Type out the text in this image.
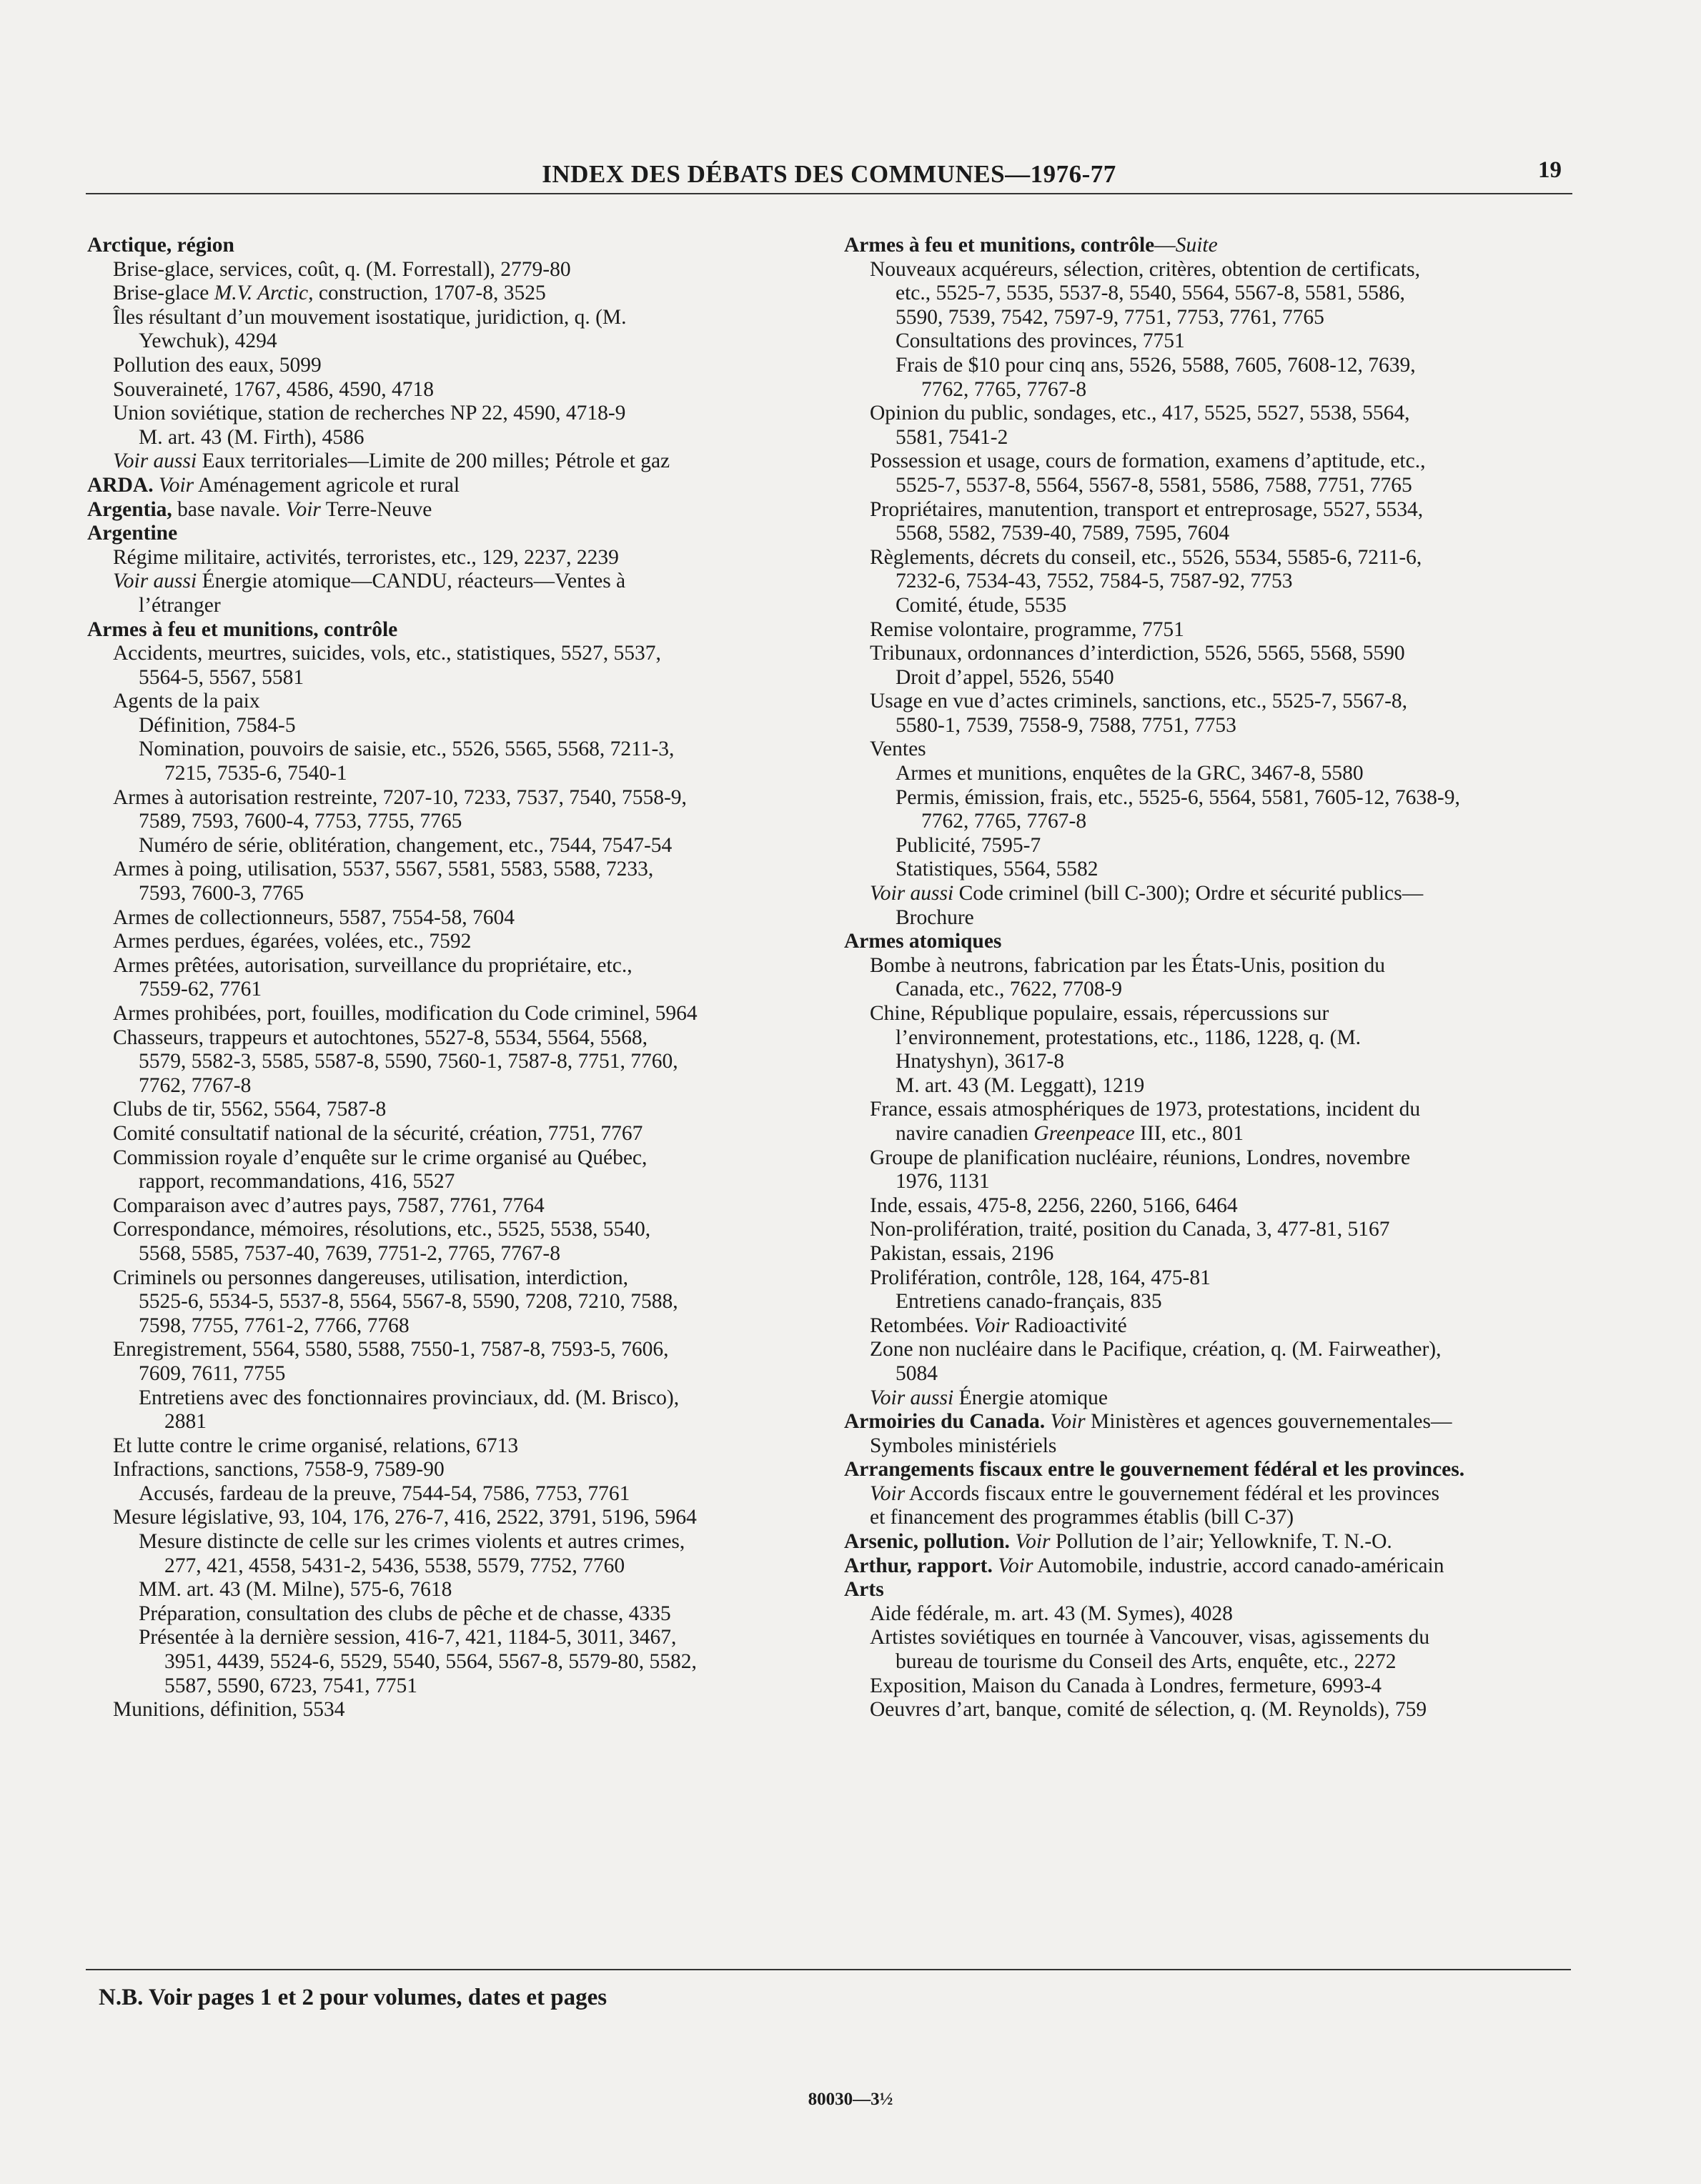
INDEX DES DÉBATS DES COMMUNES—1976-77	19

Arctique, région

Brise-glace, services, coût, q. (M. Forrestall), 2779-80

Brise-glace M.V. Arctic, construction, 1707-8, 3525

Îles résultant d’un mouvement isostatique, juridiction, q. (M.

Yewchuk), 4294

Pollution des eaux, 5099

Souveraineté, 1767, 4586, 4590, 4718

Union soviétique, station de recherches NP 22, 4590, 4718-9

M. art. 43 (M. Firth), 4586

Voir aussi Eaux territoriales—Limite de 200 milles; Pétrole et gaz

ARDA. Voir Aménagement agricole et rural

Argentia, base navale. Voir Terre-Neuve

Argentine

Régime militaire, activités, terroristes, etc., 129, 2237, 2239

Voir aussi Énergie atomique—CANDU, réacteurs—Ventes à

l’étranger

Armes à feu et munitions, contrôle

Accidents, meurtres, suicides, vols, etc., statistiques, 5527, 5537,

5564-5, 5567, 5581

Agents de la paix

Définition, 7584-5

Nomination, pouvoirs de saisie, etc., 5526, 5565, 5568, 7211-3,

7215, 7535-6, 7540-1

Armes à autorisation restreinte, 7207-10, 7233, 7537, 7540, 7558-9,

7589, 7593, 7600-4, 7753, 7755, 7765

Numéro de série, oblitération, changement, etc., 7544, 7547-54

Armes à poing, utilisation, 5537, 5567, 5581, 5583, 5588, 7233,

7593, 7600-3, 7765

Armes de collectionneurs, 5587, 7554-58, 7604

Armes perdues, égarées, volées, etc., 7592

Armes prêtées, autorisation, surveillance du propriétaire, etc.,

7559-62, 7761

Armes prohibées, port, fouilles, modification du Code criminel, 5964

Chasseurs, trappeurs et autochtones, 5527-8, 5534, 5564, 5568,

5579, 5582-3, 5585, 5587-8, 5590, 7560-1, 7587-8, 7751, 7760,

7762, 7767-8

Clubs de tir, 5562, 5564, 7587-8

Comité consultatif national de la sécurité, création, 7751, 7767

Commission royale d’enquête sur le crime organisé au Québec,

rapport, recommandations, 416, 5527

Comparaison avec d’autres pays, 7587, 7761, 7764

Correspondance, mémoires, résolutions, etc., 5525, 5538, 5540,

5568, 5585, 7537-40, 7639, 7751-2, 7765, 7767-8

Criminels ou personnes dangereuses, utilisation, interdiction,

5525-6, 5534-5, 5537-8, 5564, 5567-8, 5590, 7208, 7210, 7588,

7598, 7755, 7761-2, 7766, 7768

Enregistrement, 5564, 5580, 5588, 7550-1, 7587-8, 7593-5, 7606,

7609, 7611, 7755

Entretiens avec des fonctionnaires provinciaux, dd. (M. Brisco),

2881

Et lutte contre le crime organisé, relations, 6713

Infractions, sanctions, 7558-9, 7589-90

Accusés, fardeau de la preuve, 7544-54, 7586, 7753, 7761

Mesure législative, 93, 104, 176, 276-7, 416, 2522, 3791, 5196, 5964

Mesure distincte de celle sur les crimes violents et autres crimes,

277, 421, 4558, 5431-2, 5436, 5538, 5579, 7752, 7760

MM. art. 43 (M. Milne), 575-6, 7618

Préparation, consultation des clubs de pêche et de chasse, 4335

Présentée à la dernière session, 416-7, 421, 1184-5, 3011, 3467,

3951, 4439, 5524-6, 5529, 5540, 5564, 5567-8, 5579-80, 5582,

5587, 5590, 6723, 7541, 7751

Munitions, définition, 5534

Armes à feu et munitions, contrôle—Suite

Nouveaux acquéreurs, sélection, critères, obtention de certificats,

etc., 5525-7, 5535, 5537-8, 5540, 5564, 5567-8, 5581, 5586,

5590, 7539, 7542, 7597-9, 7751, 7753, 7761, 7765

Consultations des provinces, 7751

Frais de $10 pour cinq ans, 5526, 5588, 7605, 7608-12, 7639,

7762, 7765, 7767-8

Opinion du public, sondages, etc., 417, 5525, 5527, 5538, 5564,

5581, 7541-2

Possession et usage, cours de formation, examens d’aptitude, etc.,

5525-7, 5537-8, 5564, 5567-8, 5581, 5586, 7588, 7751, 7765

Propriétaires, manutention, transport et entreprosage, 5527, 5534,

5568, 5582, 7539-40, 7589, 7595, 7604

Règlements, décrets du conseil, etc., 5526, 5534, 5585-6, 7211-6,

7232-6, 7534-43, 7552, 7584-5, 7587-92, 7753

Comité, étude, 5535

Remise volontaire, programme, 7751

Tribunaux, ordonnances d’interdiction, 5526, 5565, 5568, 5590

Droit d’appel, 5526, 5540

Usage en vue d’actes criminels, sanctions, etc., 5525-7, 5567-8,

5580-1, 7539, 7558-9, 7588, 7751, 7753

Ventes

Armes et munitions, enquêtes de la GRC, 3467-8, 5580

Permis, émission, frais, etc., 5525-6, 5564, 5581, 7605-12, 7638-9,

7762, 7765, 7767-8

Publicité, 7595-7

Statistiques, 5564, 5582

Voir aussi Code criminel (bill C-300); Ordre et sécurité publics—

Brochure

Armes atomiques

Bombe à neutrons, fabrication par les États-Unis, position du

Canada, etc., 7622, 7708-9

Chine, République populaire, essais, répercussions sur

l’environnement, protestations, etc., 1186, 1228, q. (M.

Hnatyshyn), 3617-8

M. art. 43 (M. Leggatt), 1219

France, essais atmosphériques de 1973, protestations, incident du

navire canadien Greenpeace III, etc., 801

Groupe de planification nucléaire, réunions, Londres, novembre

1976, 1131

Inde, essais, 475-8, 2256, 2260, 5166, 6464

Non-prolifération, traité, position du Canada, 3, 477-81, 5167

Pakistan, essais, 2196

Prolifération, contrôle, 128, 164, 475-81

Entretiens canado-français, 835

Retombées. Voir Radioactivité

Zone non nucléaire dans le Pacifique, création, q. (M. Fairweather),

5084

Voir aussi Énergie atomique

Armoiries du Canada. Voir Ministères et agences gouvernementales—

Symboles ministériels

Arrangements fiscaux entre le gouvernement fédéral et les provinces.

Voir Accords fiscaux entre le gouvernement fédéral et les provinces

et financement des programmes établis (bill C-37)

Arsenic, pollution. Voir Pollution de l’air; Yellowknife, T. N.-O.

Arthur, rapport. Voir Automobile, industrie, accord canado-américain

Arts

Aide fédérale, m. art. 43 (M. Symes), 4028

Artistes soviétiques en tournée à Vancouver, visas, agissements du

bureau de tourisme du Conseil des Arts, enquête, etc., 2272

Exposition, Maison du Canada à Londres, fermeture, 6993-4

Oeuvres d’art, banque, comité de sélection, q. (M. Reynolds), 759

N.B. Voir pages 1 et 2 pour volumes, dates et pages
80030—3½
